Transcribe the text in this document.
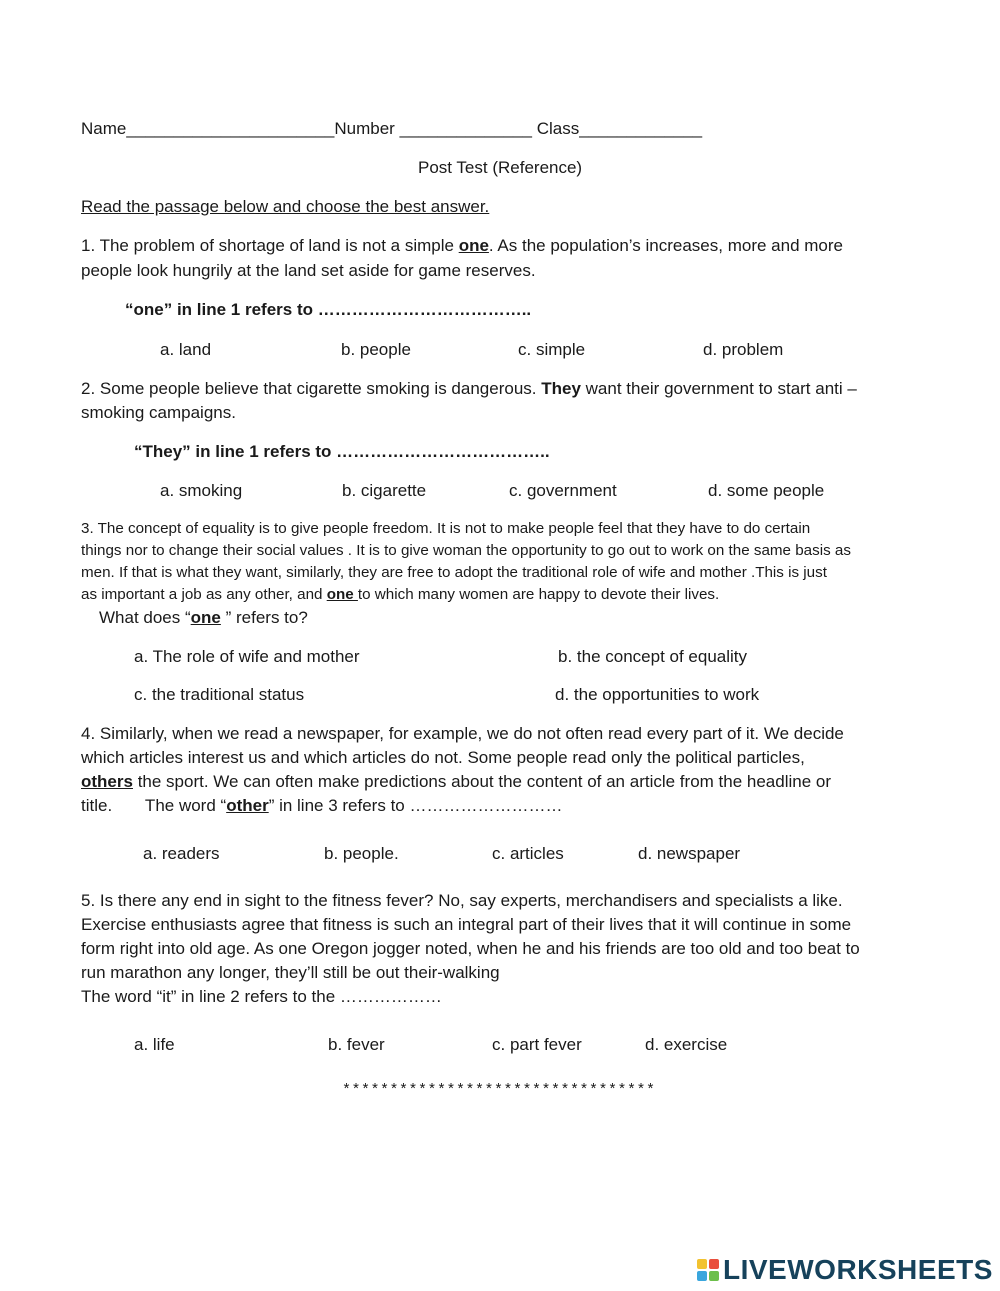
Name______________________Number ______________ Class_____________
Post Test (Reference)
Read the passage below and choose the best answer.
1. The problem of shortage of land is not a simple one. As the population’s increases, more and more
people look hungrily at the land set aside for game reserves.
“one” in line 1 refers to ………………………………..
a. land	b. people	c. simple	d. problem
2. Some people believe that cigarette smoking is dangerous. They want their government to start anti –
smoking campaigns.
“They” in line 1 refers to ………………………………..
a. smoking	b. cigarette	c. government	d. some people
3. The concept of equality is to give people freedom. It is not to make people feel that they have to do certain
things nor to change their social values . It is to give woman the opportunity to go out to work on the same basis as
men. If that is what they want, similarly, they are free to adopt the traditional role of wife and mother .This is just
as important a job as any other, and one to which many women are happy to devote their lives.
What does “one ” refers to?
a. The role of wife and mother	b. the concept of equality
c. the traditional status	d. the opportunities to work
4. Similarly, when we read a newspaper, for example, we do not often read every part of it. We decide
which articles interest us and which articles do not. Some people read only the political particles,
others the sport. We can often make predictions about the content of an article from the headline or
title.       The word “other” in line 3 refers to ………………………
a. readers	b. people.	c. articles	d. newspaper
5. Is there any end in sight to the fitness fever? No, say experts, merchandisers and specialists a like.
Exercise enthusiasts agree that fitness is such an integral part of their lives that it will continue in some
form right into old age. As one Oregon jogger noted, when he and his friends are too old and too beat to
run marathon any longer, they’ll still be out their-walking
The word “it” in line 2 refers to the ………………
a. life	b. fever	c. part fever	d. exercise
*********************************
LIVEWORKSHEETS
